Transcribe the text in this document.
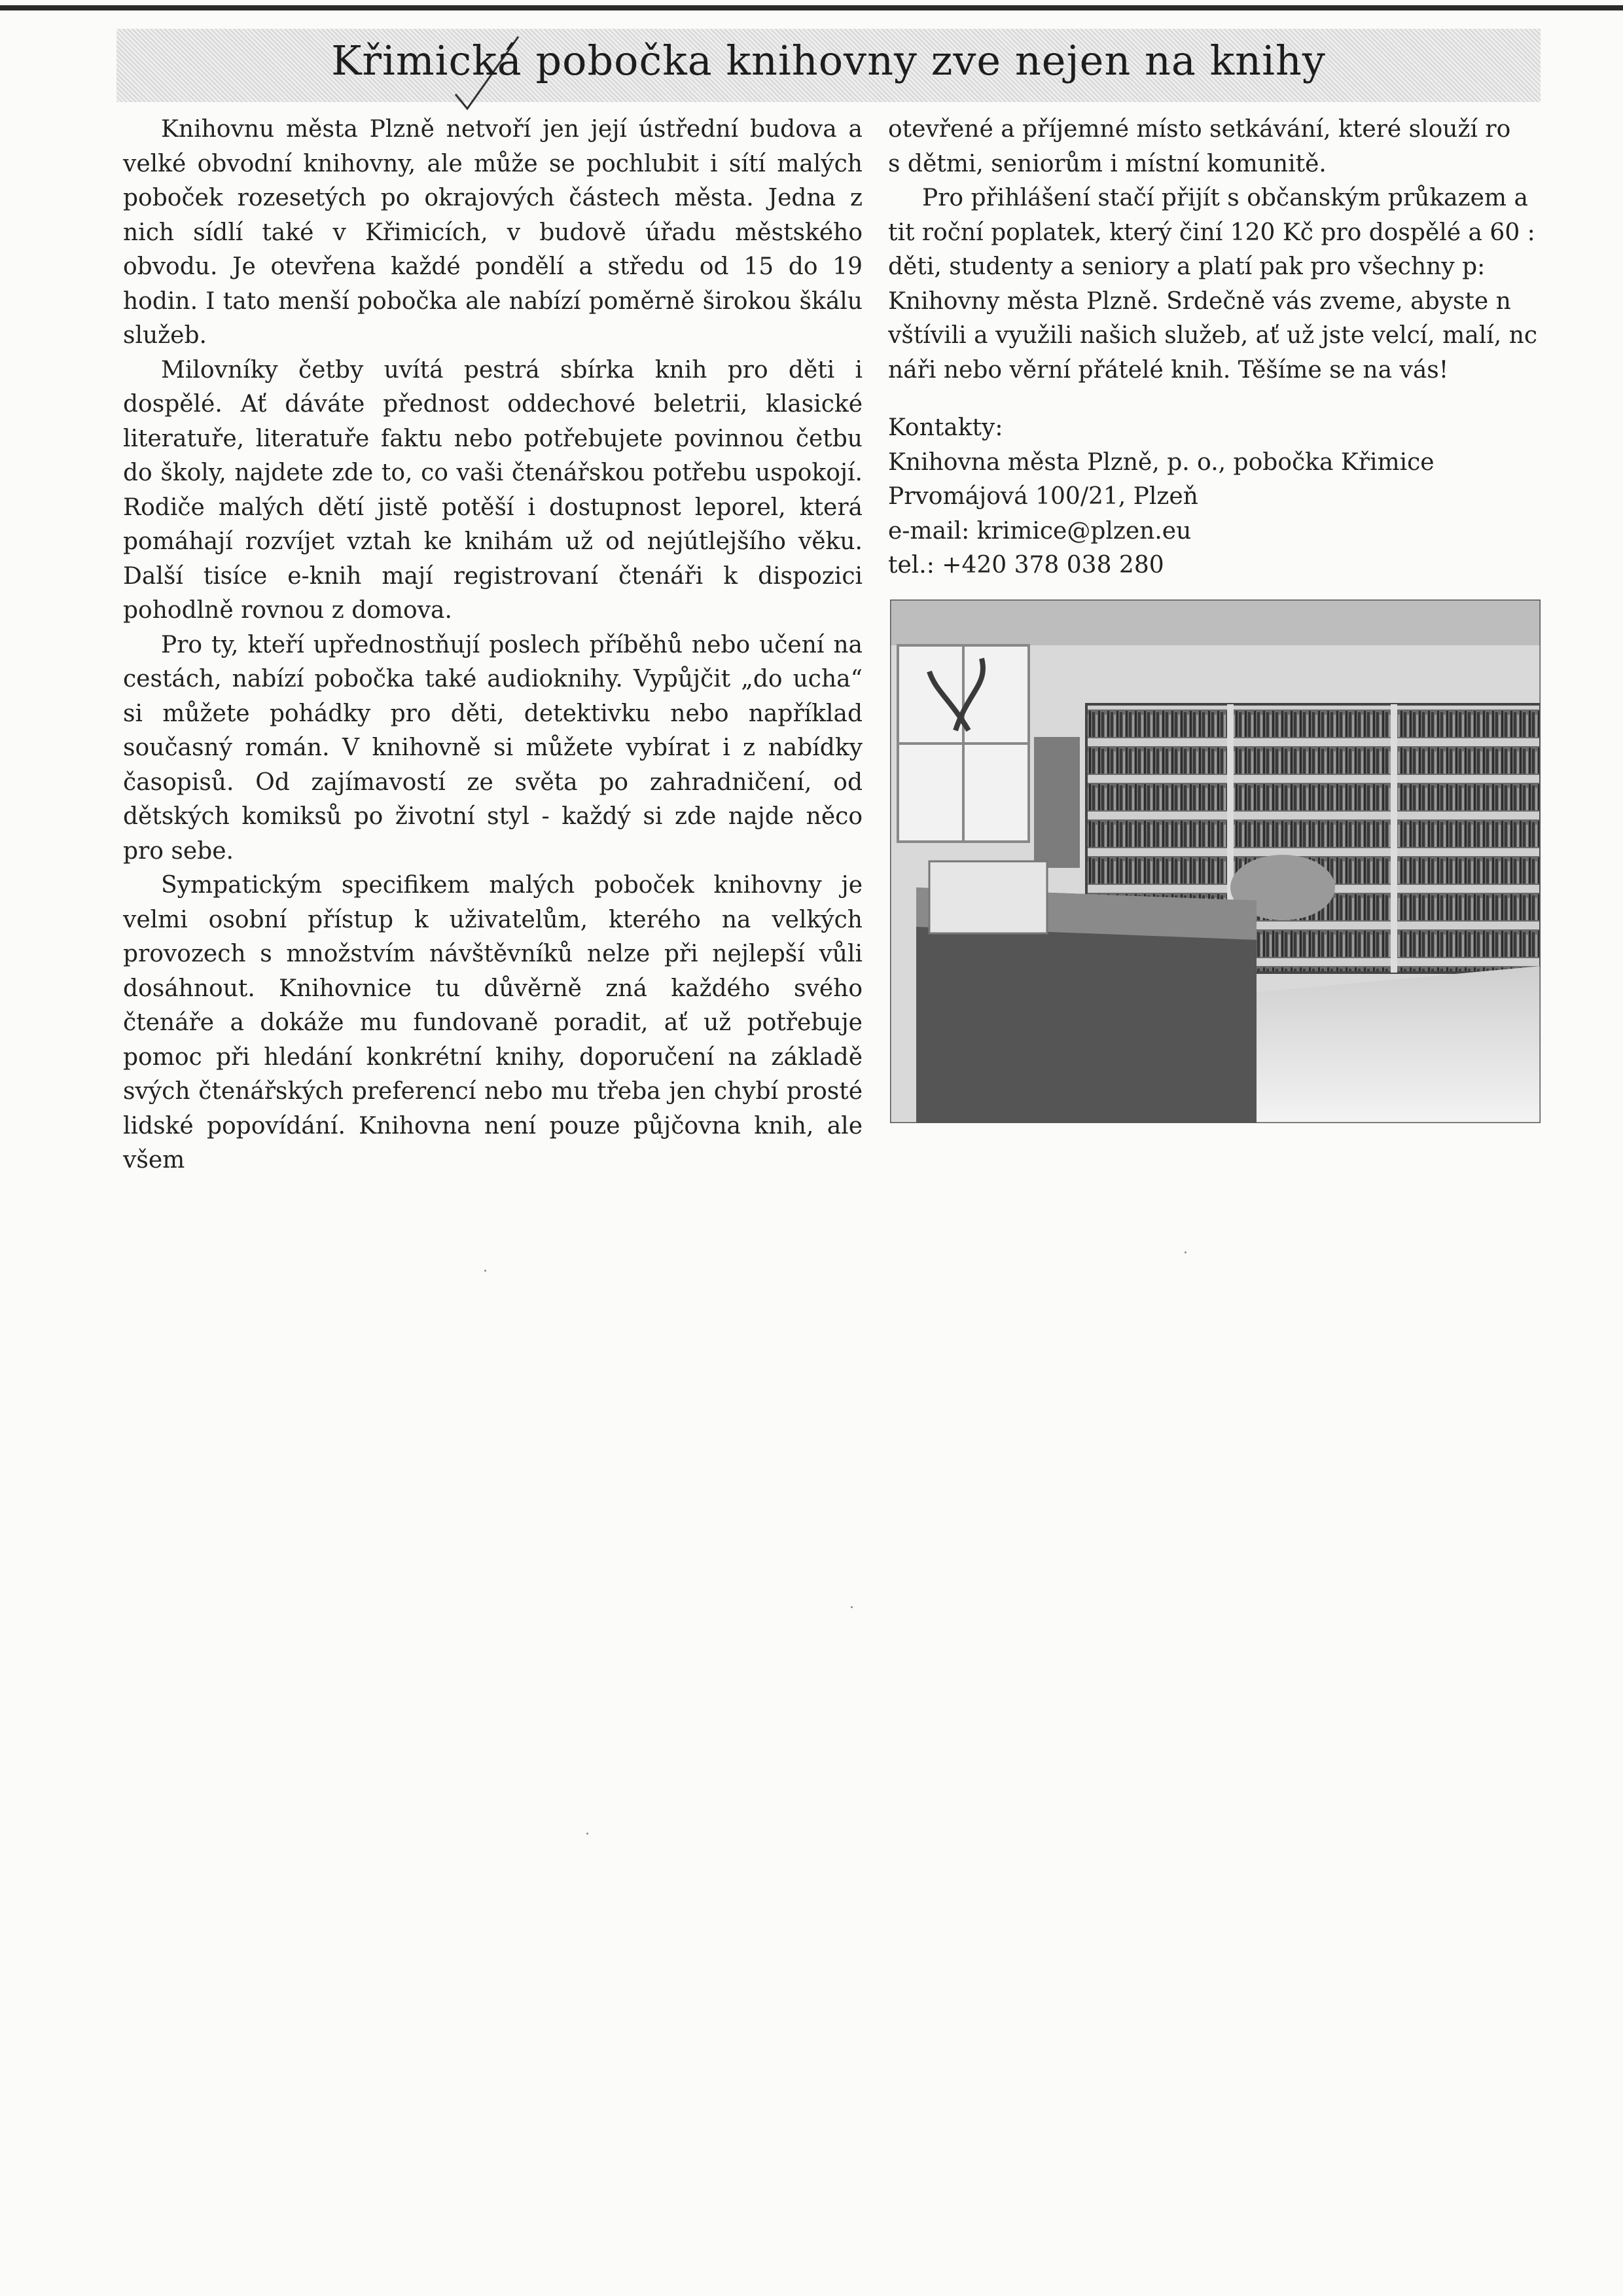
Křimická pobočka knihovny zve nejen na knihy

Knihovnu města Plzně netvoří jen její ústřední budova a velké obvodní knihovny, ale může se pochlubit i sítí malých poboček rozesetých po okrajových částech města. Jedna z nich sídlí také v Křimicích, v budově úřadu městského obvodu. Je otevřena každé pondělí a středu od 15 do 19 hodin. I tato menší pobočka ale nabízí poměrně širokou škálu služeb.

Milovníky četby uvítá pestrá sbírka knih pro děti i dospělé. Ať dáváte přednost oddechové beletrii, klasické literatuře, literatuře faktu nebo potřebujete povinnou četbu do školy, najdete zde to, co vaši čtenářskou potřebu uspokojí. Rodiče malých dětí jistě potěší i dostupnost leporel, která pomáhají rozvíjet vztah ke knihám už od nejútlejšího věku. Další tisíce e-knih mají registrovaní čtenáři k dispozici pohodlně rovnou z domova.

Pro ty, kteří upřednostňují poslech příběhů nebo učení na cestách, nabízí pobočka také audioknihy. Vypůjčit „do ucha“ si můžete pohádky pro děti, detektivku nebo například současný román. V knihovně si můžete vybírat i z nabídky časopisů. Od zajímavostí ze světa po zahradničení, od dětských komiksů po životní styl - každý si zde najde něco pro sebe.

Sympatickým specifikem malých poboček knihovny je velmi osobní přístup k uživatelům, kterého na velkých provozech s množstvím návštěvníků nelze při nejlepší vůli dosáhnout. Knihovnice tu důvěrně zná každého svého čtenáře a dokáže mu fundovaně poradit, ať už potřebuje pomoc při hledání konkrétní knihy, doporučení na základě svých čtenářských preferencí nebo mu třeba jen chybí prosté lidské popovídání. Knihovna není pouze půjčovna knih, ale všem

otevřené a příjemné místo setkávání, které slouží ro
s dětmi, seniorům i místní komunitě.
Pro přihlášení stačí přijít s občanským průkazem a
tit roční poplatek, který činí 120 Kč pro dospělé a 60 :
děti, studenty a seniory a platí pak pro všechny p:
Knihovny města Plzně. Srdečně vás zveme, abyste n
vštívili a využili našich služeb, ať už jste velcí, malí, nc
náři nebo věrní přátelé knih. Těšíme se na vás!
Kontakty:
Knihovna města Plzně, p. o., pobočka Křimice
Prvomájová 100/21, Plzeň
e-mail: krimice@plzen.eu
tel.: +420 378 038 280
